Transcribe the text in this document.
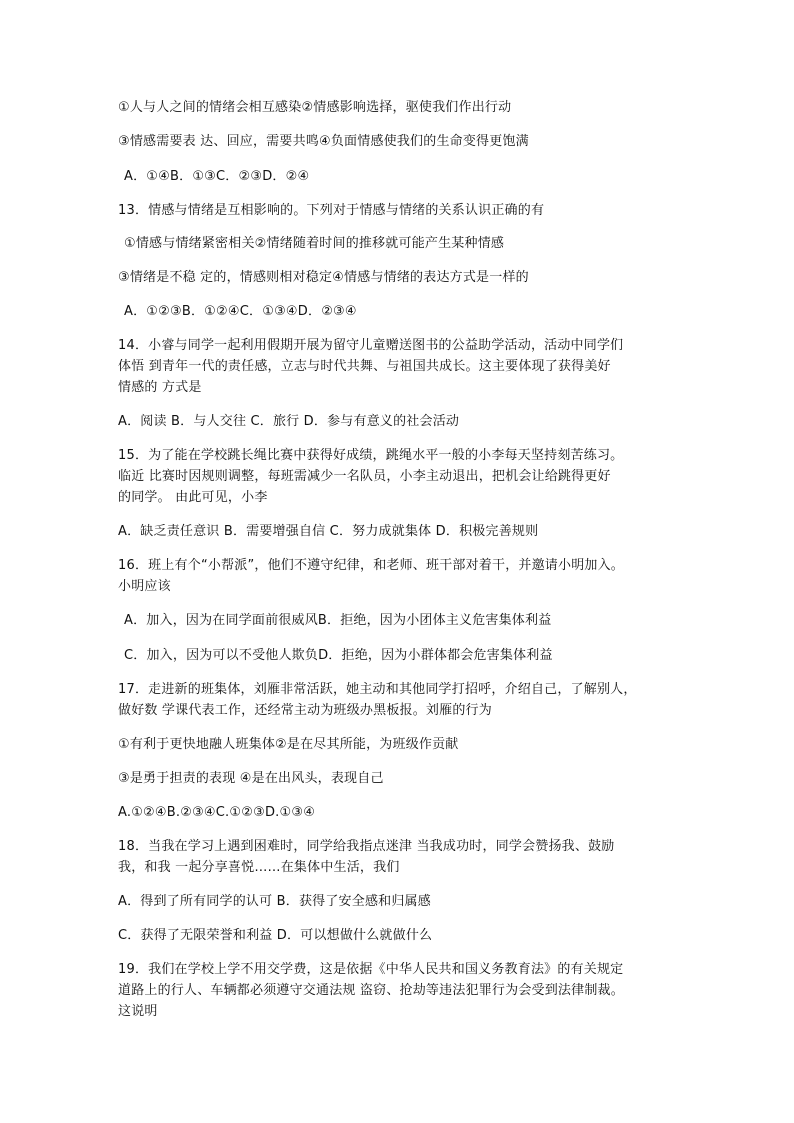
①人与人之间的情绪会相互感染②情感影响选择，驱使我们作出行动
③情感需要表 达、回应，需要共鸣④负面情感使我们的生命变得更饱满
A．①④B．①③C．②③D．②④
13．情感与情绪是互相影响的。下列对于情感与情绪的关系认识正确的有
①情感与情绪紧密相关②情绪随着时间的推移就可能产生某种情感
③情绪是不稳 定的，情感则相对稳定④情感与情绪的表达方式是一样的
A．①②③B．①②④C．①③④D．②③④
14．小睿与同学一起利用假期开展为留守儿童赠送图书的公益助学活动，活动中同学们
体悟 到青年一代的责任感，立志与时代共舞、与祖国共成长。这主要体现了获得美好
情感的 方式是
A．阅读 B．与人交往 C．旅行 D．参与有意义的社会活动
15．为了能在学校跳长绳比赛中获得好成绩，跳绳水平一般的小李每天坚持刻苦练习。
临近 比赛时因规则调整，每班需减少一名队员，小李主动退出，把机会让给跳得更好
的同学。 由此可见，小李
A．缺乏责任意识 B．需要增强自信 C．努力成就集体 D．积极完善规则
16．班上有个“小帮派”，他们不遵守纪律，和老师、班干部对着干，并邀请小明加入。
小明应该
A．加入，因为在同学面前很威风B．拒绝，因为小团体主义危害集体利益
C．加入，因为可以不受他人欺负D．拒绝，因为小群体都会危害集体利益
17．走进新的班集体，刘雁非常活跃，她主动和其他同学打招呼，介绍自己，了解别人，
做好数 学课代表工作，还经常主动为班级办黑板报。刘雁的行为
①有利于更快地融人班集体②是在尽其所能，为班级作贡献
③是勇于担责的表现 ④是在出风头，表现自己
A.①②④B.②③④C.①②③D.①③④
18．当我在学习上遇到困难时，同学给我指点迷津 当我成功时，同学会赞扬我、鼓励
我，和我 一起分享喜悦……在集体中生活，我们
A．得到了所有同学的认可 B．获得了安全感和归属感
C．获得了无限荣誉和利益 D．可以想做什么就做什么
19．我们在学校上学不用交学费，这是依据《中华人民共和国义务教育法》的有关规定
道路上的行人、车辆都必须遵守交通法规 盗窃、抢劫等违法犯罪行为会受到法律制裁。
这说明
